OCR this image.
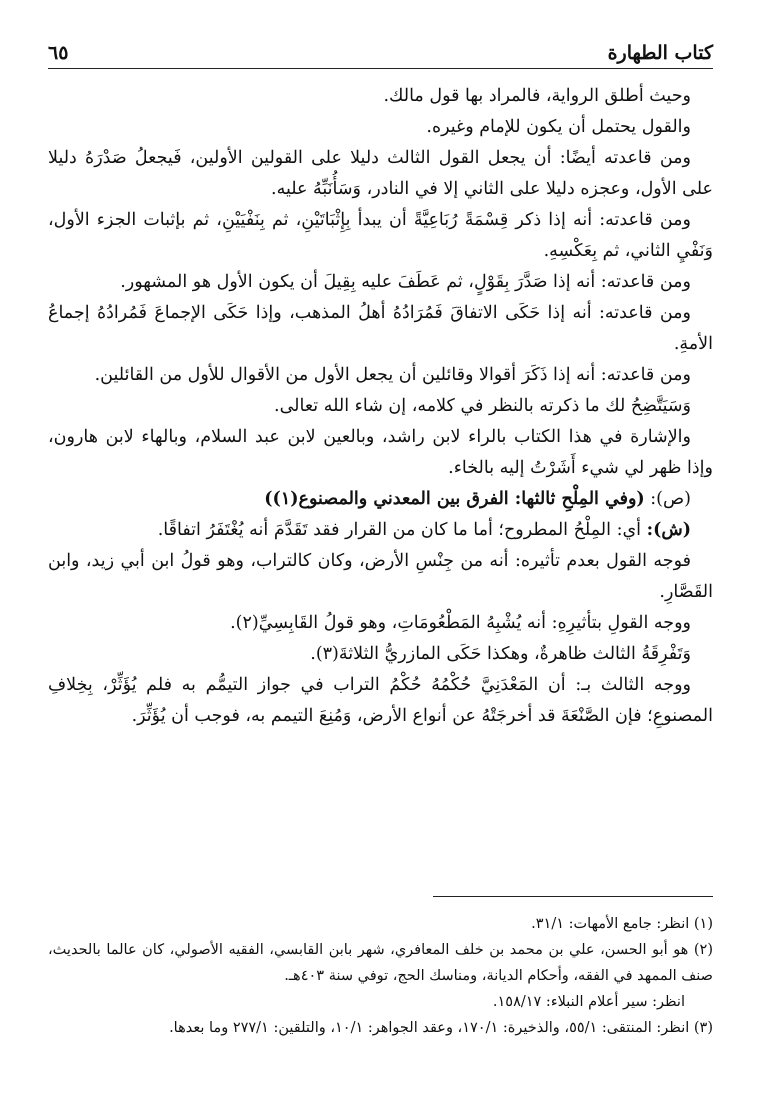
كتاب الطهارة
٦٥

وحيث أطلق الرواية، فالمراد بها قول مالك.

والقول يحتمل أن يكون للإمام وغيره.

ومن قاعدته أيضًا: أن يجعل القول الثالث دليلا على القولين الأولين، فَيجعلُ صَدْرَهُ دليلا على الأول، وعجزه دليلا على الثاني إلا في النادر، وَسَأُنَبِّهُ عليه.

ومن قاعدته: أنه إذا ذكر قِسْمَةً رُبَاعِيَّةً أن يبدأ بِإِثْبَاتَيْنِ، ثم بِنَفْيَيْنِ، ثم بإثبات الجزء الأول، وَنَفْيِ الثاني، ثم بِعَكْسِهِ.

ومن قاعدته: أنه إذا صَدَّرَ بِقَوْلٍ، ثم عَطَفَ عليه بِقِيلَ أن يكون الأول هو المشهور.

ومن قاعدته: أنه إذا حَكَى الاتفاقَ فَمُرَادُهُ أهلُ المذهب، وإذا حَكَى الإجماعَ فَمُرادُهُ إجماعُ الأمةِ.

ومن قاعدته: أنه إذا ذَكَرَ أقوالا وقائلين أن يجعل الأول من الأقوال للأول من القائلين.

وَسَيَتَّضِحُ لك ما ذكرته بالنظر في كلامه، إن شاء الله تعالى.

والإشارة في هذا الكتاب بالراء لابن راشد، وبالعين لابن عبد السلام، وبالهاء لابن هارون، وإذا ظهر لي شيء أَشَرْتُ إليه بالخاء.

(ص): (وفي المِلْحِ ثالثها: الفرق بين المعدني والمصنوع(١))

(ش): أي: المِلْحُ المطروح؛ أما ما كان من القرار فقد تَقَدَّمَ أنه يُغْتَفَرُ اتفاقًا.

فوجه القول بعدم تأثيره: أنه من جِنْسِ الأرض، وكان كالتراب، وهو قولُ ابن أبي زيد، وابن القَصَّارِ.

ووجه القولِ بتأثيرِهِ: أنه يُشْبِهُ المَطْعُومَاتِ، وهو قولُ القَابِسِيِّ(٢).

وَتَفْرِقَةُ الثالث ظاهرةٌ، وهكذا حَكَى المازريُّ الثلاثةَ(٣).

ووجه الثالث بـ: أن المَعْدَنِيَّ حُكْمُهُ حُكْمُ التراب في جواز التيمُّم به فلم يُؤَثِّرْ، بِخِلافِ المصنوعِ؛ فإن الصَّنْعَةَ قد أخرجَتْهُ عن أنواع الأرض، وَمُنِعَ التيمم به، فوجب أن يُؤَثِّرَ.

(١) انظر: جامع الأمهات: ٣١/١.

(٢) هو أبو الحسن، علي بن محمد بن خلف المعافري، شهر بابن القابسي، الفقيه الأصولي، كان عالما بالحديث، صنف الممهد في الفقه، وأحكام الديانة، ومناسك الحج، توفي سنة ٤٠٣هـ.

انظر: سير أعلام النبلاء: ١٥٨/١٧.

(٣) انظر: المنتقى: ٥٥/١، والذخيرة: ١٧٠/١، وعقد الجواهر: ١٠/١، والتلقين: ٢٧٧/١ وما بعدها.
